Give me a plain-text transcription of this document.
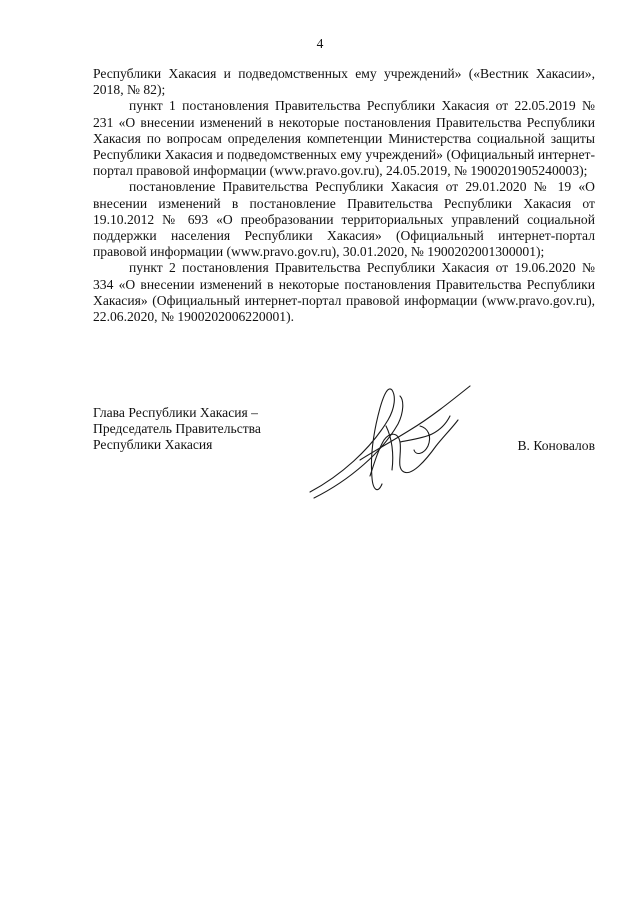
4

Республики Хакасия и подведомственных ему учреждений» («Вестник Хакасии», 2018, № 82);

пункт 1 постановления Правительства Республики Хакасия от 22.05.2019 № 231 «О внесении изменений в некоторые постановления Правительства Республики Хакасия по вопросам определения компетенции Министерства социальной защиты Республики Хакасия и подведомственных ему учреждений» (Официальный интернет-портал правовой информации (www.pravo.gov.ru), 24.05.2019, № 1900201905240003);

постановление Правительства Республики Хакасия от 29.01.2020 № 19 «О внесении изменений в постановление Правительства Республики Хакасия от 19.10.2012 № 693 «О преобразовании территориальных управлений социальной поддержки населения Республики Хакасия» (Официальный интернет-портал правовой информации (www.pravo.gov.ru), 30.01.2020, № 1900202001300001);

пункт 2 постановления Правительства Республики Хакасия от 19.06.2020 № 334 «О внесении изменений в некоторые постановления Правительства Республики Хакасия» (Официальный интернет-портал правовой информации (www.pravo.gov.ru), 22.06.2020, № 1900202006220001).

Глава Республики Хакасия –
Председатель Правительства
Республики Хакасия	В. Коновалов
